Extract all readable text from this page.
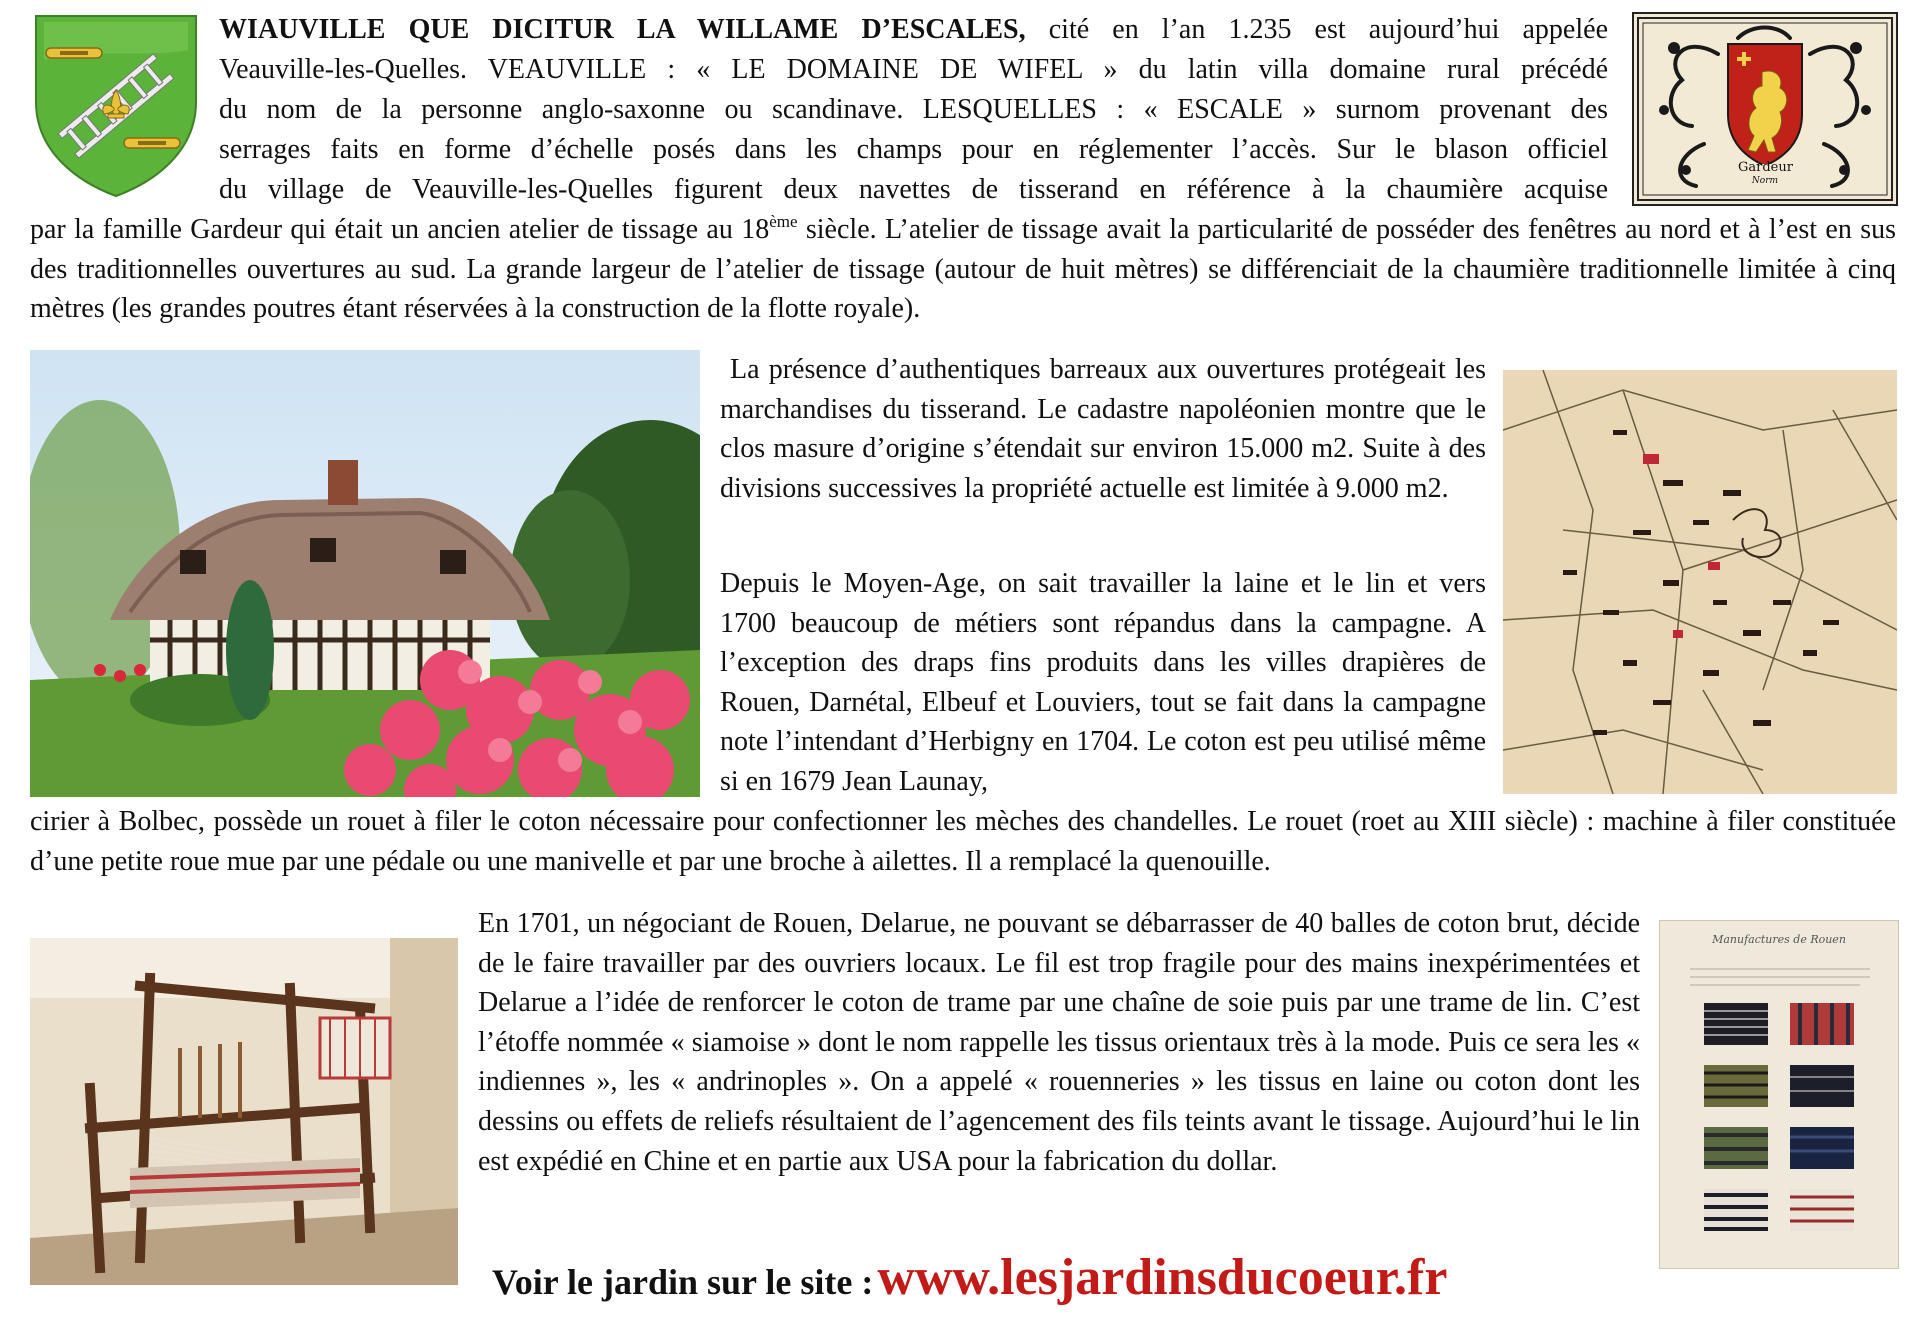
Gardeur
Norm
WIAUVILLE QUE DICITUR LA WILLAME D’ESCALES, cité en l’an 1.235 est aujourd’hui appelée
Veauville-les-Quelles. VEAUVILLE : « LE DOMAINE DE WIFEL » du latin villa domaine rural précédé
du nom de la personne anglo-saxonne ou scandinave. LESQUELLES : « ESCALE » surnom provenant des
serrages faits en forme d’échelle posés dans les champs pour en réglementer l’accès. Sur le blason officiel
du village de Veauville-les-Quelles figurent deux navettes de tisserand en référence à la chaumière acquise
par la famille Gardeur qui était un ancien atelier de tissage au 18ème siècle. L’atelier de tissage avait la particularité de posséder des fenêtres au nord et à l’est en sus des traditionnelles ouvertures au sud. La grande largeur de l’atelier de tissage (autour de huit mètres) se différenciait de la chaumière traditionnelle limitée à cinq mètres (les grandes poutres étant réservées à la construction de la flotte royale).
La présence d’authentiques barreaux aux ouvertures protégeait les marchandises du tisserand. Le cadastre napoléonien montre que le clos masure d’origine s’étendait sur environ 15.000 m2. Suite à des divisions successives la propriété actuelle est limitée à 9.000 m2.
Depuis le Moyen-Age, on sait travailler la laine et le lin et vers 1700 beaucoup de métiers sont répandus dans la campagne. A l’exception des draps fins produits dans les villes drapières de Rouen, Darnétal, Elbeuf et Louviers, tout se fait dans la campagne note l’intendant d’Herbigny en 1704. Le coton est peu utilisé même si en 1679 Jean Launay,
cirier à Bolbec, possède un rouet à filer le coton nécessaire pour confectionner les mèches des chandelles. Le rouet (roet au XIII siècle) : machine à filer constituée d’une petite roue mue par une pédale ou une manivelle et par une broche à ailettes. Il a remplacé la quenouille.
En 1701, un négociant de Rouen, Delarue, ne pouvant se débarrasser de 40 balles de coton brut, décide de le faire travailler par des ouvriers locaux. Le fil est trop fragile pour des mains inexpérimentées et Delarue a l’idée de renforcer le coton de trame par une chaîne de soie puis par une trame de lin. C’est l’étoffe nommée « siamoise » dont le nom rappelle les tissus orientaux très à la mode. Puis ce sera les « indiennes », les « andrinoples ». On a appelé « rouenneries » les tissus en laine ou coton dont les dessins ou effets de reliefs résultaient de l’agencement des fils teints avant le tissage. Aujourd’hui le lin est expédié en Chine et en partie aux USA pour la fabrication du dollar.
Manufactures de Rouen
Voir le jardin sur le site : www.lesjardinsducoeur.fr
